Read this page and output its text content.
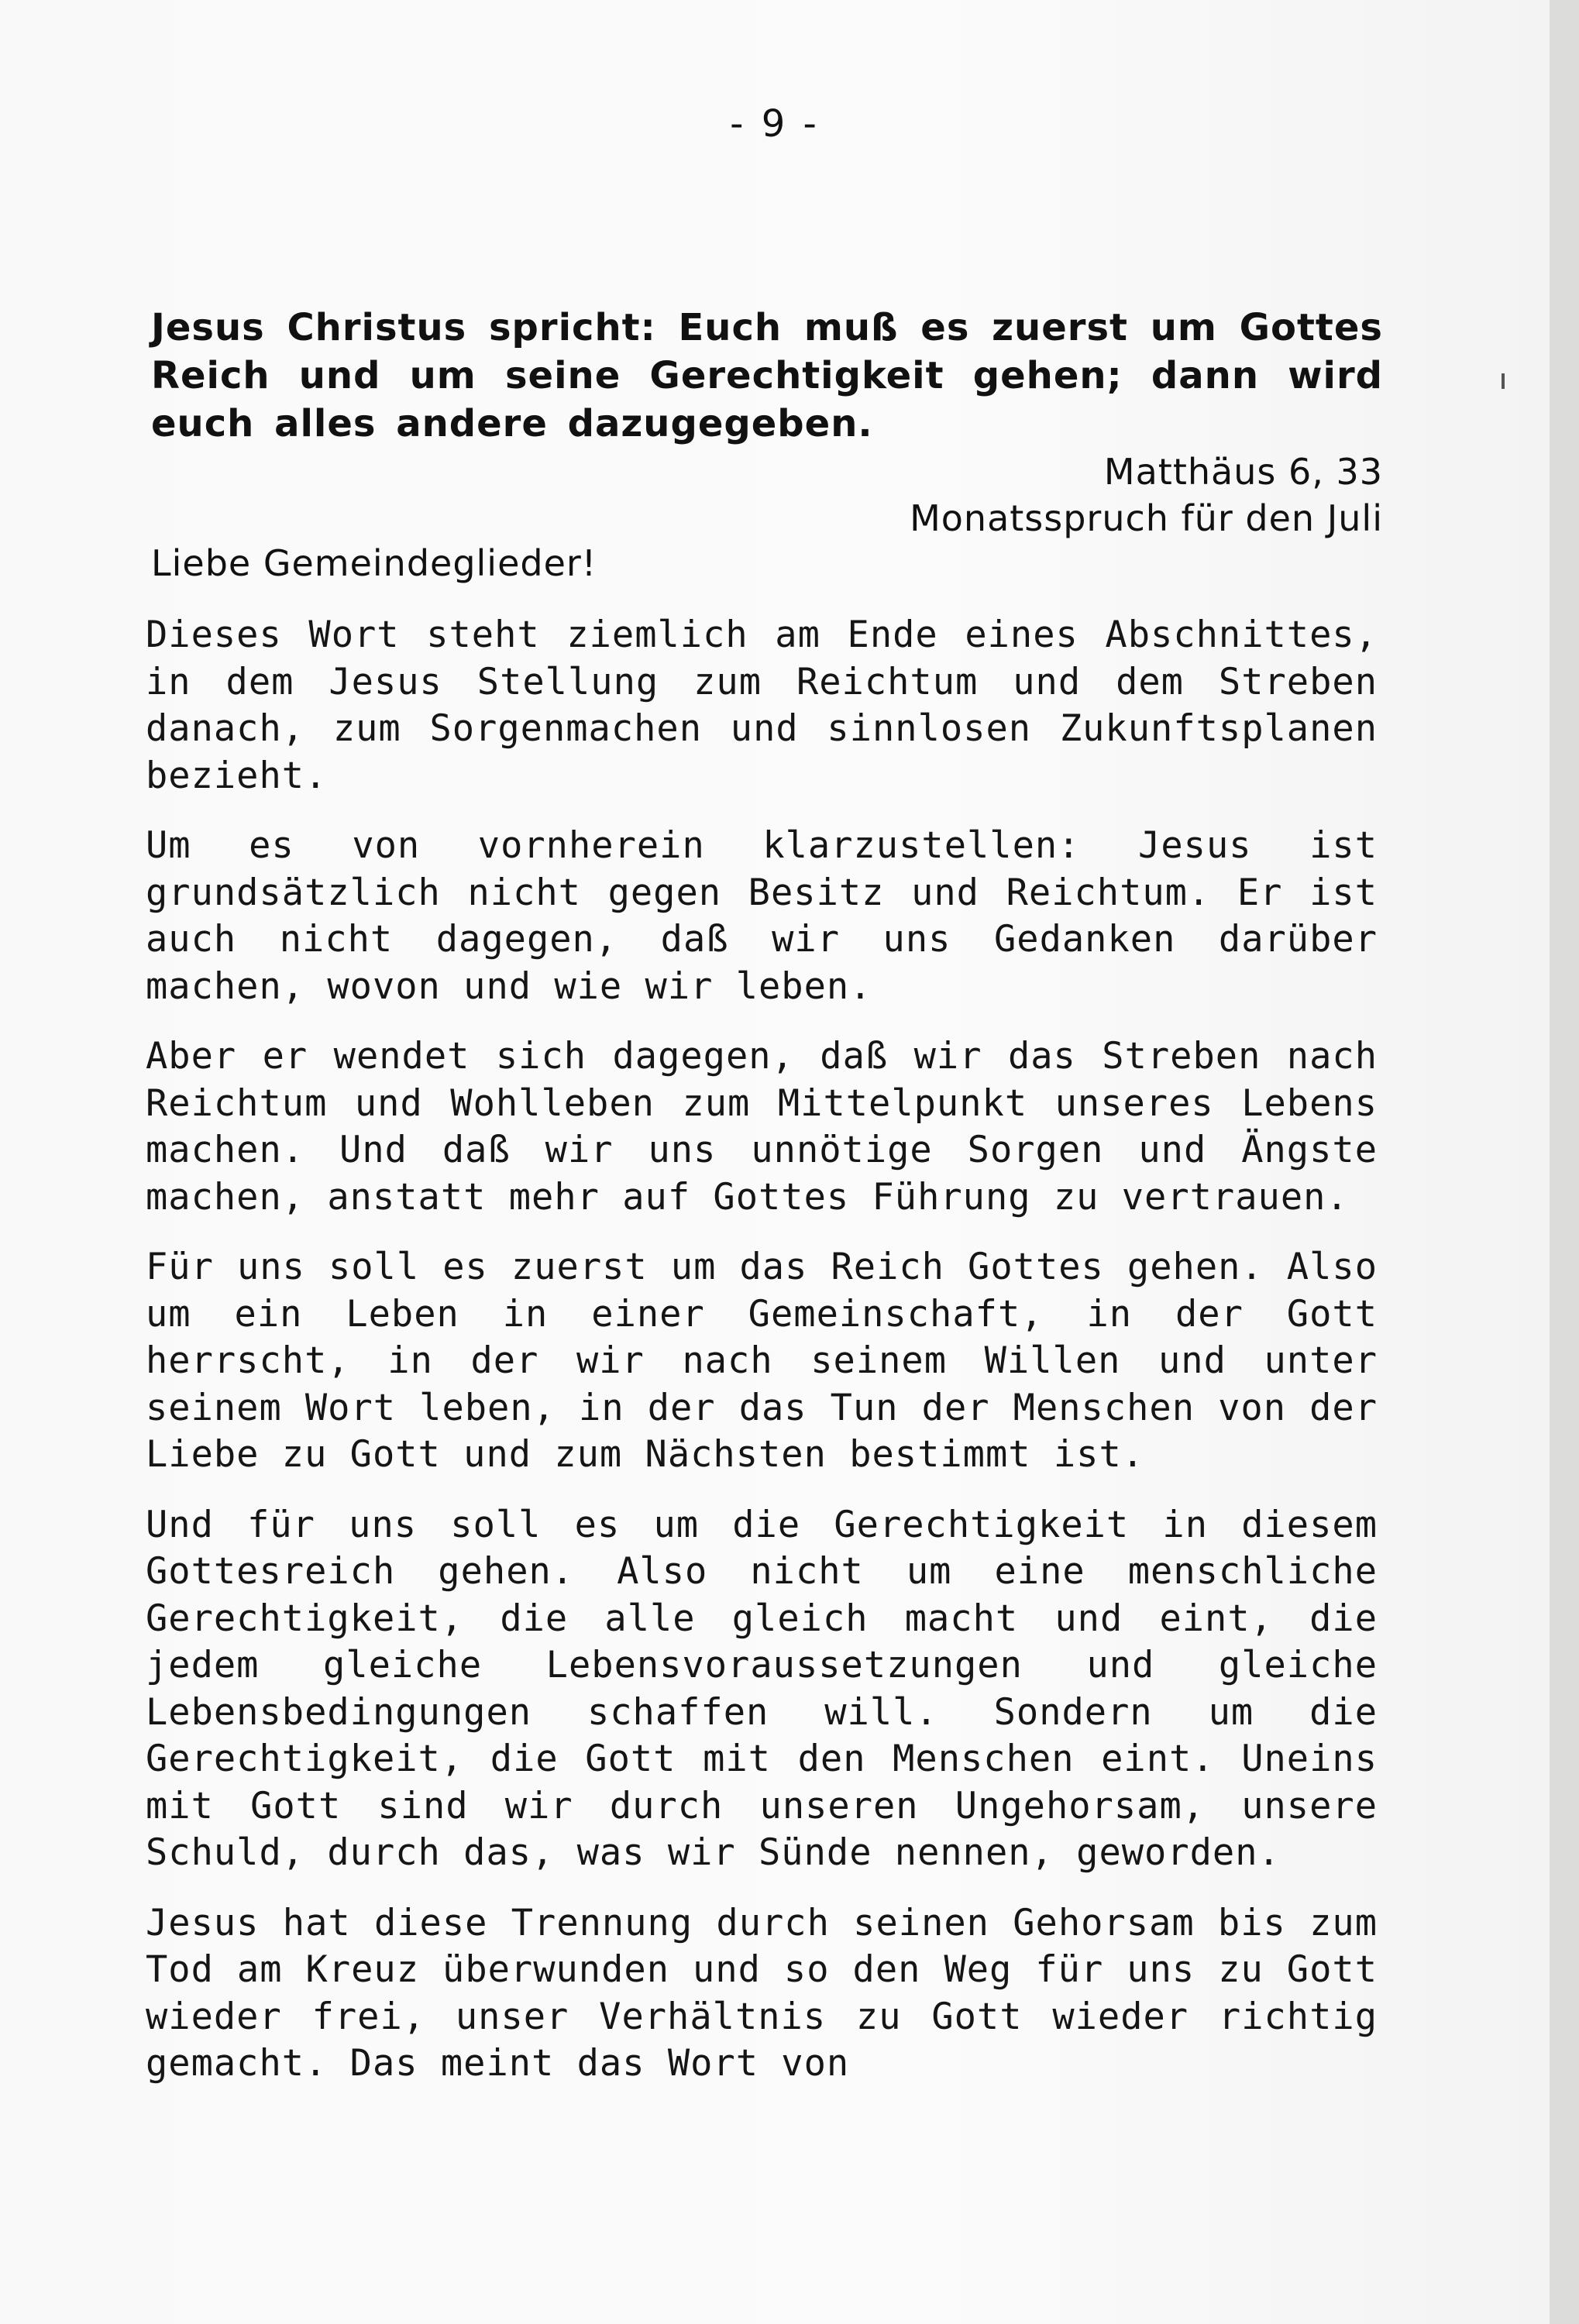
- 9 -
Jesus Christus spricht: Euch muß es zuerst um Gottes Reich und um seine Gerechtigkeit gehen; dann wird euch alles andere dazugegeben.
Matthäus 6, 33
Monatsspruch für den Juli
Liebe Gemeindeglieder!

Dieses Wort steht ziemlich am Ende eines Abschnittes, in dem Jesus Stellung zum Reichtum und dem Streben danach, zum Sorgenmachen und sinnlosen Zukunftsplanen bezieht.

Um es von vornherein klarzustellen: Jesus ist grundsätzlich nicht gegen Besitz und Reichtum. Er ist auch nicht dagegen, daß wir uns Gedanken darüber machen, wovon und wie wir leben.

Aber er wendet sich dagegen, daß wir das Streben nach Reichtum und Wohlleben zum Mittelpunkt unseres Lebens machen. Und daß wir uns unnötige Sorgen und Ängste machen, anstatt mehr auf Gottes Führung zu vertrauen.

Für uns soll es zuerst um das Reich Gottes gehen. Also um ein Leben in einer Gemeinschaft, in der Gott herrscht, in der wir nach seinem Willen und unter seinem Wort leben, in der das Tun der Menschen von der Liebe zu Gott und zum Nächsten bestimmt ist.

Und für uns soll es um die Gerechtigkeit in diesem Gottesreich gehen. Also nicht um eine menschliche Gerechtigkeit, die alle gleich macht und eint, die jedem gleiche Lebensvoraussetzungen und gleiche Lebensbedingungen schaffen will. Sondern um die Gerechtigkeit, die Gott mit den Menschen eint. Uneins mit Gott sind wir durch unseren Ungehorsam, unsere Schuld, durch das, was wir Sünde nennen, geworden.

Jesus hat diese Trennung durch seinen Gehorsam bis zum Tod am Kreuz überwunden und so den Weg für uns zu Gott wieder frei, unser Verhältnis zu Gott wieder richtig gemacht. Das meint das Wort von
